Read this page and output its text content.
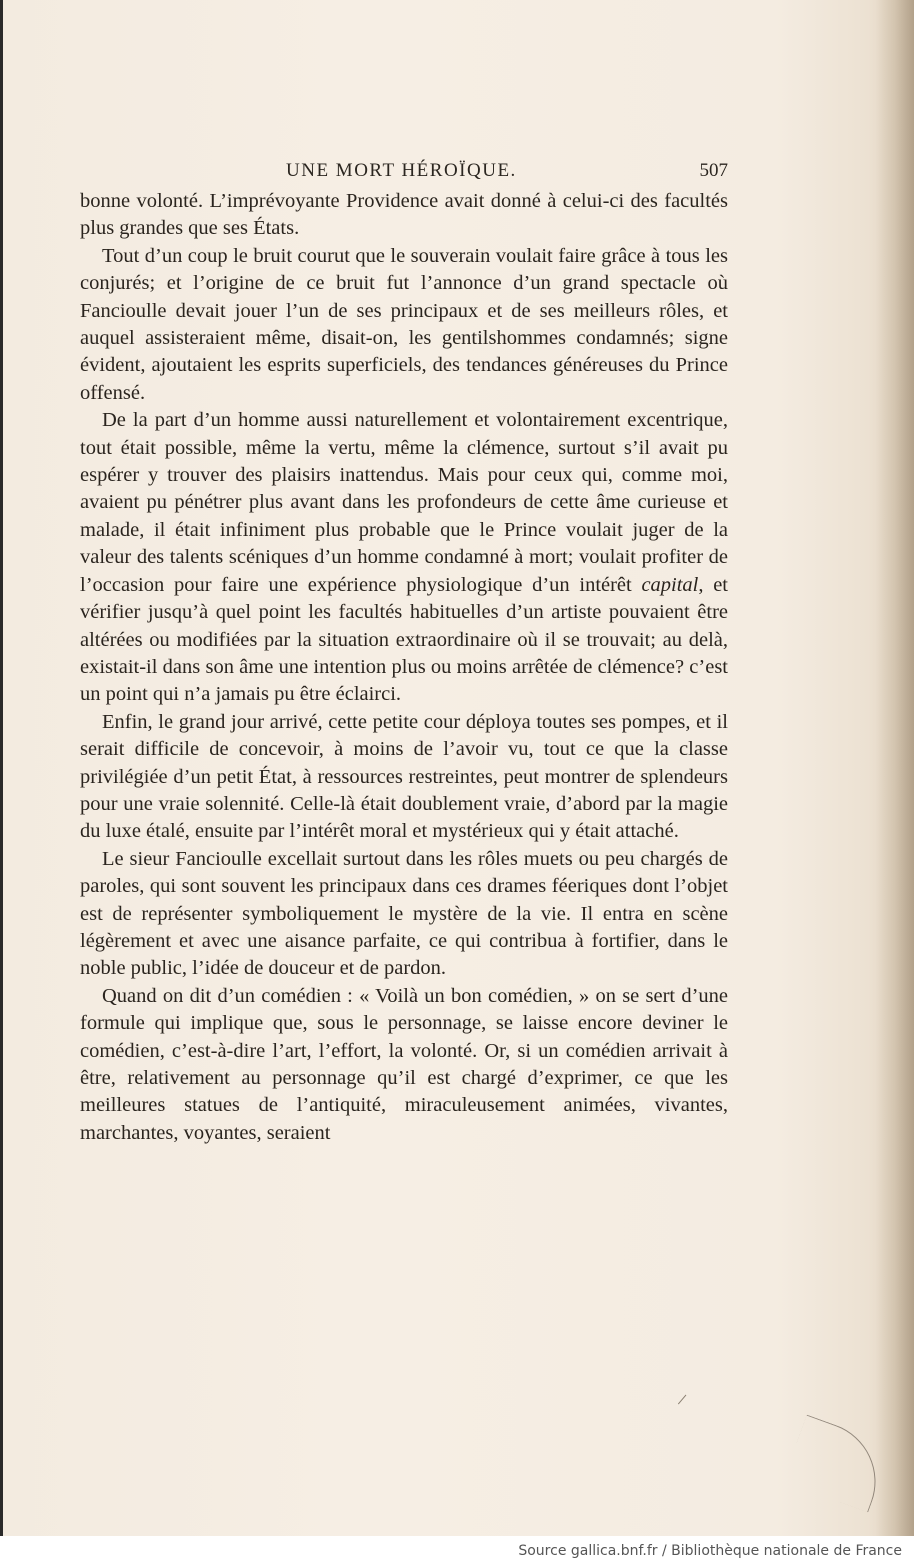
UNE MORT HÉROÏQUE.	507

bonne volonté. L’imprévoyante Providence avait donné à celui-ci des facultés plus grandes que ses États.

Tout d’un coup le bruit courut que le souverain voulait faire grâce à tous les conjurés; et l’origine de ce bruit fut l’annonce d’un grand spectacle où Fancioulle devait jouer l’un de ses principaux et de ses meilleurs rôles, et auquel assisteraient même, disait-on, les gentilshommes condamnés; signe évident, ajoutaient les esprits superficiels, des tendances généreuses du Prince offensé.

De la part d’un homme aussi naturellement et volontairement excentrique, tout était possible, même la vertu, même la clémence, surtout s’il avait pu espérer y trouver des plaisirs inattendus. Mais pour ceux qui, comme moi, avaient pu pénétrer plus avant dans les profondeurs de cette âme curieuse et malade, il était infiniment plus probable que le Prince voulait juger de la valeur des talents scéniques d’un homme condamné à mort; voulait profiter de l’occasion pour faire une expérience physiologique d’un intérêt capital, et vérifier jusqu’à quel point les facultés habituelles d’un artiste pouvaient être altérées ou modifiées par la situation extraordinaire où il se trouvait; au delà, existait-il dans son âme une intention plus ou moins arrêtée de clémence? c’est un point qui n’a jamais pu être éclairci.

Enfin, le grand jour arrivé, cette petite cour déploya toutes ses pompes, et il serait difficile de concevoir, à moins de l’avoir vu, tout ce que la classe privilégiée d’un petit État, à ressources restreintes, peut montrer de splendeurs pour une vraie solennité. Celle-là était doublement vraie, d’abord par la magie du luxe étalé, ensuite par l’intérêt moral et mystérieux qui y était attaché.

Le sieur Fancioulle excellait surtout dans les rôles muets ou peu chargés de paroles, qui sont souvent les principaux dans ces drames féeriques dont l’objet est de représenter symboliquement le mystère de la vie. Il entra en scène légèrement et avec une aisance parfaite, ce qui contribua à fortifier, dans le noble public, l’idée de douceur et de pardon.

Quand on dit d’un comédien : « Voilà un bon comédien, » on se sert d’une formule qui implique que, sous le personnage, se laisse encore deviner le comédien, c’est-à-dire l’art, l’effort, la volonté. Or, si un comédien arrivait à être, relativement au personnage qu’il est chargé d’exprimer, ce que les meilleures statues de l’antiquité, miraculeusement animées, vivantes, marchantes, voyantes, seraient

Source gallica.bnf.fr / Bibliothèque nationale de France
